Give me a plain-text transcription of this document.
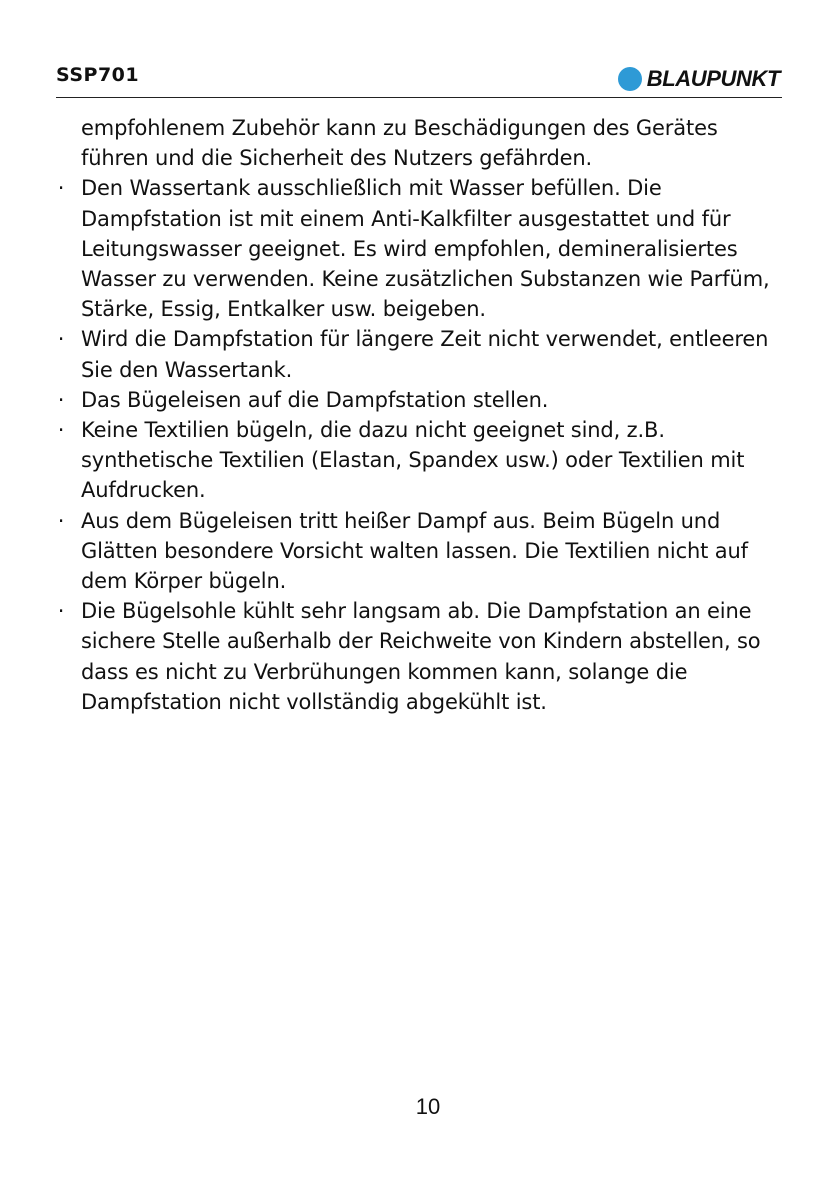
SSP701	BLAUPUNKT

empfohlenem Zubehör kann zu Beschädigungen des Gerätes führen und die Sicherheit des Nutzers gefährden.

· Den Wassertank ausschließlich mit Wasser befüllen. Die Dampfstation ist mit einem Anti-Kalkfilter ausgestattet und für Leitungswasser geeignet. Es wird empfohlen, demineralisiertes Wasser zu verwenden. Keine zusätzlichen Substanzen wie Parfüm, Stärke, Essig, Entkalker usw. beigeben.
· Wird die Dampfstation für längere Zeit nicht verwendet, entleeren Sie den Wassertank.
· Das Bügeleisen auf die Dampfstation stellen.
· Keine Textilien bügeln, die dazu nicht geeignet sind, z.B. synthetische Textilien (Elastan, Spandex usw.) oder Textilien mit Aufdrucken.
· Aus dem Bügeleisen tritt heißer Dampf aus. Beim Bügeln und Glätten besondere Vorsicht walten lassen. Die Textilien nicht auf dem Körper bügeln.
· Die Bügelsohle kühlt sehr langsam ab. Die Dampfstation an eine sichere Stelle außerhalb der Reichweite von Kindern abstellen, so dass es nicht zu Verbrühungen kommen kann, solange die Dampfstation nicht vollständig abgekühlt ist.
10
